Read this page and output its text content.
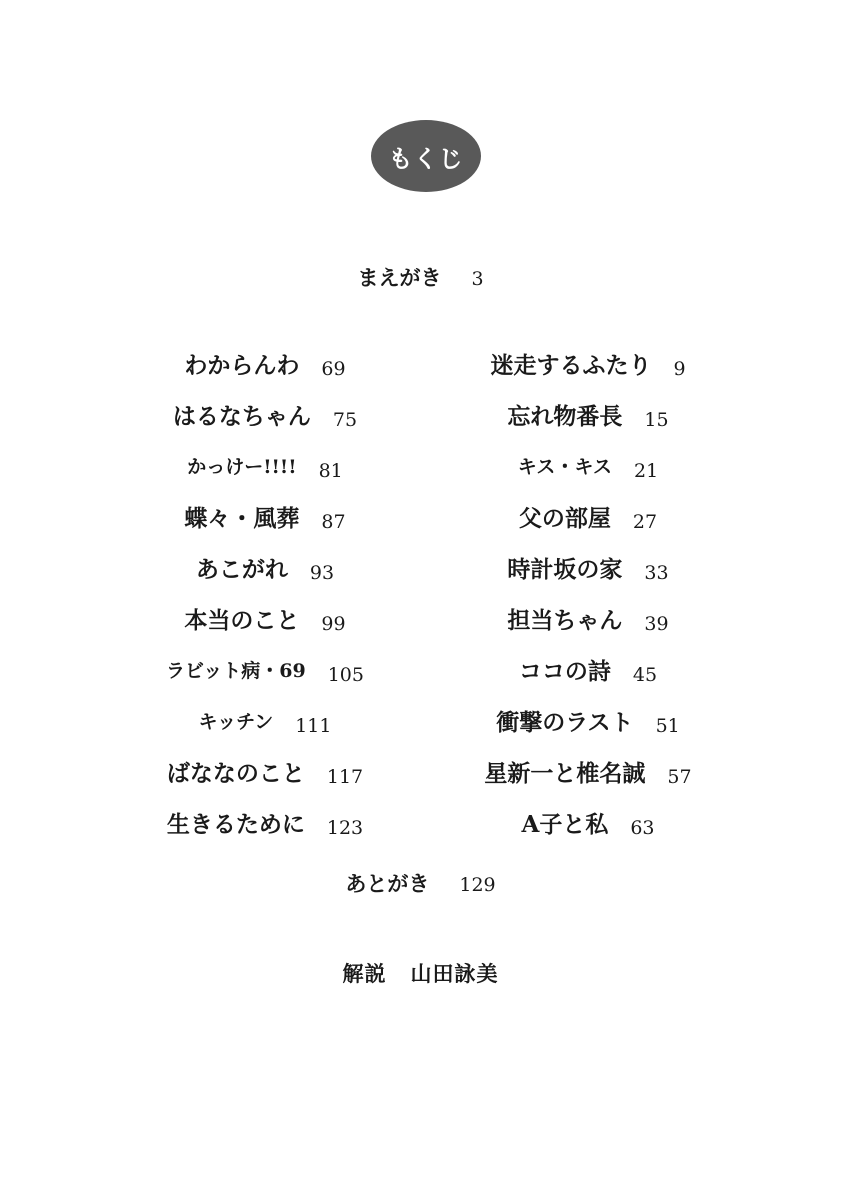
もくじ
まえがき 3
わからんわ 69
はるなちゃん 75
かっけー!!!! 81
蝶々・風葬 87
あこがれ 93
本当のこと 99
ラビット病・69 105
キッチン 111
ばななのこと 117
生きるために 123
迷走するふたり 9
忘れ物番長 15
キス・キス 21
父の部屋 27
時計坂の家 33
担当ちゃん 39
ココの詩 45
衝撃のラスト 51
星新一と椎名誠 57
A子と私 63
あとがき 129
解説 山田詠美
